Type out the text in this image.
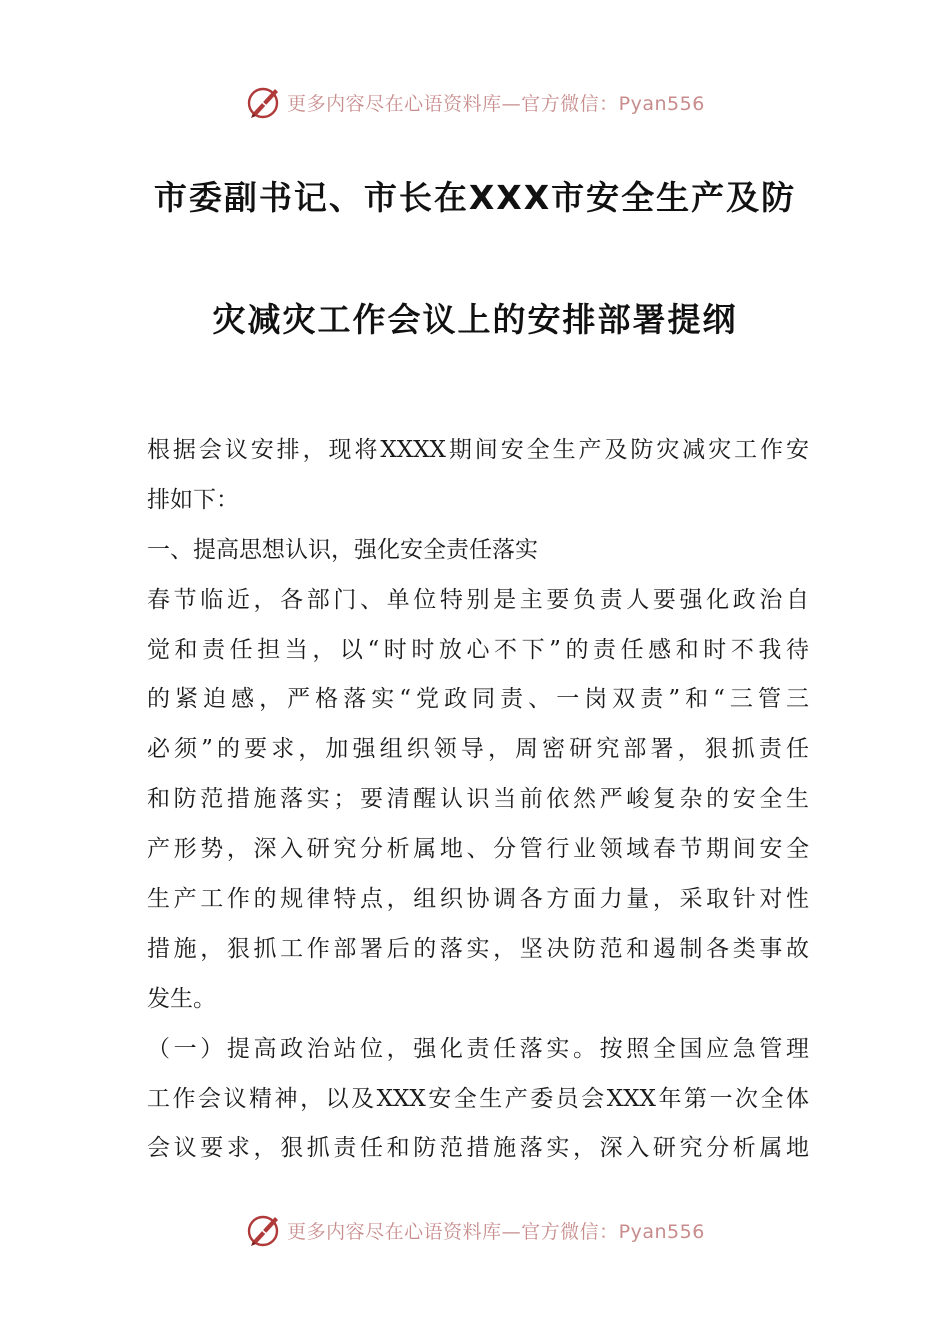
更多内容尽在心语资料库—官方微信：Pyan556
市委副书记、市长在XXX市安全生产及防
灾减灾工作会议上的安排部署提纲
根据会议安排，现将XXXX期间安全生产及防灾减灾工作安
排如下：
一、提高思想认识，强化安全责任落实
春节临近，各部门、单位特别是主要负责人要强化政治自
觉和责任担当，以“时时放心不下”的责任感和时不我待
的紧迫感，严格落实“党政同责、一岗双责”和“三管三
必须”的要求，加强组织领导，周密研究部署，狠抓责任
和防范措施落实；要清醒认识当前依然严峻复杂的安全生
产形势，深入研究分析属地、分管行业领域春节期间安全
生产工作的规律特点，组织协调各方面力量，采取针对性
措施，狠抓工作部署后的落实，坚决防范和遏制各类事故
发生。
（一）提高政治站位，强化责任落实。按照全国应急管理
工作会议精神，以及XXX安全生产委员会XXX年第一次全体
会议要求，狠抓责任和防范措施落实，深入研究分析属地
更多内容尽在心语资料库—官方微信：Pyan556
